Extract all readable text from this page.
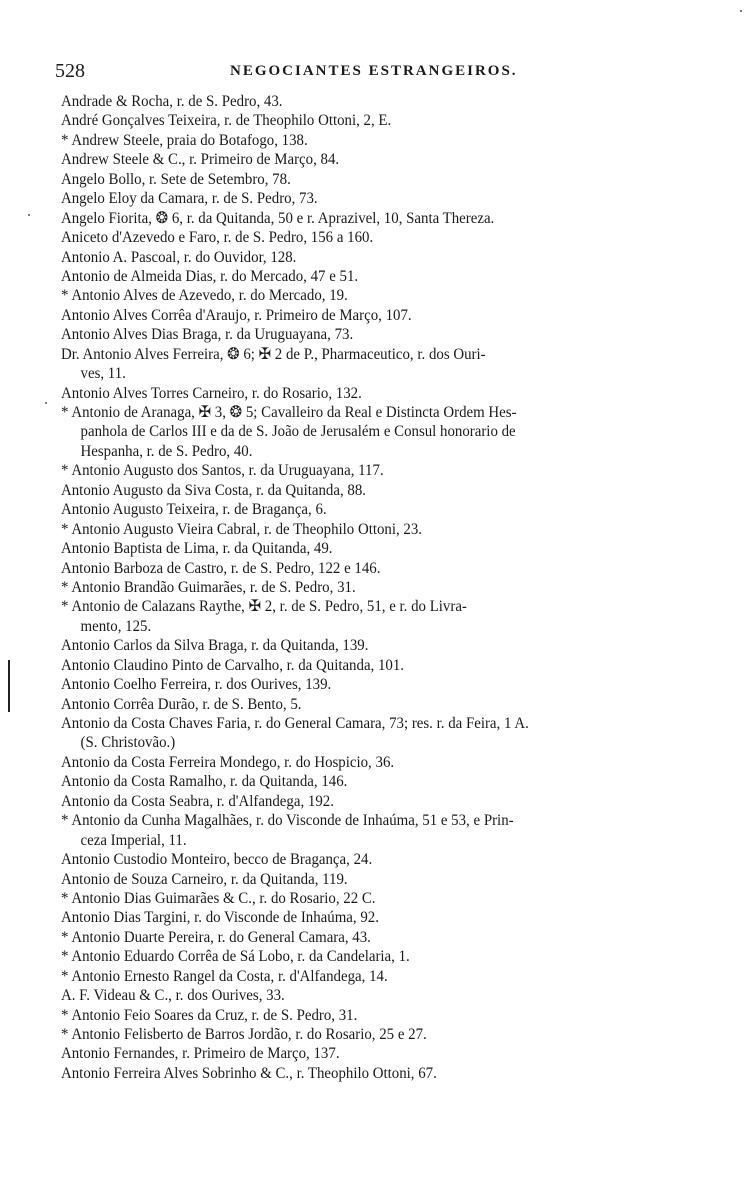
528	NEGOCIANTES ESTRANGEIROS.
Andrade & Rocha, r. de S. Pedro, 43.
André Gonçalves Teixeira, r. de Theophilo Ottoni, 2, E.
* Andrew Steele, praia do Botafogo, 138.
Andrew Steele & C., r. Primeiro de Março, 84.
Angelo Bollo, r. Sete de Setembro, 78.
Angelo Eloy da Camara, r. de S. Pedro, 73.
Angelo Fiorita, ❂ 6, r. da Quitanda, 50 e r. Aprazivel, 10, Santa Thereza.
Aniceto d'Azevedo e Faro, r. de S. Pedro, 156 a 160.
Antonio A. Pascoal, r. do Ouvidor, 128.
Antonio de Almeida Dias, r. do Mercado, 47 e 51.
* Antonio Alves de Azevedo, r. do Mercado, 19.
Antonio Alves Corrêa d'Araujo, r. Primeiro de Março, 107.
Antonio Alves Dias Braga, r. da Uruguayana, 73.
Dr. Antonio Alves Ferreira, ❂ 6; ✠ 2 de P., Pharmaceutico, r. dos Ouri-
ves, 11.
Antonio Alves Torres Carneiro, r. do Rosario, 132.
* Antonio de Aranaga, ✠ 3, ❂ 5; Cavalleiro da Real e Distincta Ordem Hes-
panhola de Carlos III e da de S. João de Jerusalém e Consul honorario de
Hespanha, r. de S. Pedro, 40.
* Antonio Augusto dos Santos, r. da Uruguayana, 117.
Antonio Augusto da Siva Costa, r. da Quitanda, 88.
Antonio Augusto Teixeira, r. de Bragança, 6.
* Antonio Augusto Vieira Cabral, r. de Theophilo Ottoni, 23.
Antonio Baptista de Lima, r. da Quitanda, 49.
Antonio Barboza de Castro, r. de S. Pedro, 122 e 146.
* Antonio Brandão Guimarães, r. de S. Pedro, 31.
* Antonio de Calazans Raythe, ✠ 2, r. de S. Pedro, 51, e r. do Livra-
mento, 125.
Antonio Carlos da Silva Braga, r. da Quitanda, 139.
Antonio Claudino Pinto de Carvalho, r. da Quitanda, 101.
Antonio Coelho Ferreira, r. dos Ourives, 139.
Antonio Corrêa Durão, r. de S. Bento, 5.
Antonio da Costa Chaves Faria, r. do General Camara, 73; res. r. da Feira, 1 A.
(S. Christovão.)
Antonio da Costa Ferreira Mondego, r. do Hospicio, 36.
Antonio da Costa Ramalho, r. da Quitanda, 146.
Antonio da Costa Seabra, r. d'Alfandega, 192.
* Antonio da Cunha Magalhães, r. do Visconde de Inhaúma, 51 e 53, e Prin-
ceza Imperial, 11.
Antonio Custodio Monteiro, becco de Bragança, 24.
Antonio de Souza Carneiro, r. da Quitanda, 119.
* Antonio Dias Guimarães & C., r. do Rosario, 22 C.
Antonio Dias Targini, r. do Visconde de Inhaúma, 92.
* Antonio Duarte Pereira, r. do General Camara, 43.
* Antonio Eduardo Corrêa de Sá Lobo, r. da Candelaria, 1.
* Antonio Ernesto Rangel da Costa, r. d'Alfandega, 14.
A. F. Videau & C., r. dos Ourives, 33.
* Antonio Feio Soares da Cruz, r. de S. Pedro, 31.
* Antonio Felisberto de Barros Jordão, r. do Rosario, 25 e 27.
Antonio Fernandes, r. Primeiro de Março, 137.
Antonio Ferreira Alves Sobrinho & C., r. Theophilo Ottoni, 67.
